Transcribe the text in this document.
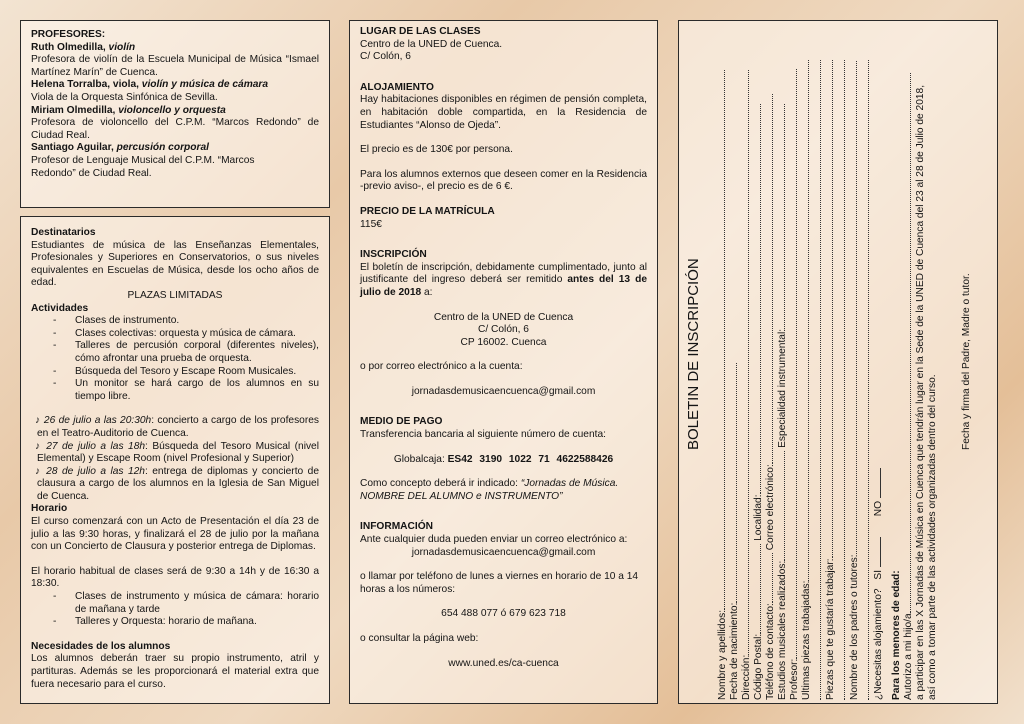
PROFESORES:

Ruth Olmedilla, violín

Profesora de violín de la Escuela Municipal de Música “Ismael Martínez Marín” de Cuenca.

Helena Torralba, viola, violín y música de cámara

Viola de la Orquesta Sinfónica de Sevilla.

Miriam Olmedilla, violoncello y orquesta

Profesora de violoncello del C.P.M. “Marcos Redondo” de Ciudad Real.

Santiago Aguilar, percusión corporal

Profesor de Lenguaje Musical del C.P.M. “Marcos Redondo” de Ciudad Real.

Destinatarios

Estudiantes de música de las Enseñanzas Elementales, Profesionales y Superiores en Conservatorios, o sus niveles equivalentes en Escuelas de Música, desde los ocho años de edad.

PLAZAS LIMITADAS

Actividades

- Clases de instrumento.
- Clases colectivas: orquesta y música de cámara.
- Talleres de percusión corporal (diferentes niveles), cómo afrontar una prueba de orquesta.
- Búsqueda del Tesoro y Escape Room Musicales.
- Un monitor se hará cargo de los alumnos en su tiempo libre.

♪ 26 de julio a las 20:30h: concierto a cargo de los profesores en el Teatro-Auditorio de Cuenca.

♪ 27 de julio a las 18h: Búsqueda del Tesoro Musical (nivel Elemental) y Escape Room (nivel Profesional y Superior)

♪ 28 de julio a las 12h: entrega de diplomas y concierto de clausura a cargo de los alumnos en la Iglesia de San Miguel de Cuenca.

Horario

El curso comenzará con un Acto de Presentación el día 23 de julio a las 9:30 horas, y finalizará el 28 de julio por la mañana con un Concierto de Clausura y posterior entrega de Diplomas.

El horario habitual de clases será de 9:30 a 14h y de 16:30 a 18:30.

- Clases de instrumento y música de cámara: horario de mañana y tarde
- Talleres y Orquesta: horario de mañana.

Necesidades de los alumnos

Los alumnos deberán traer su propio instrumento, atril y partituras. Además se les proporcionará el material extra que fuera necesario para el curso.

LUGAR DE LAS CLASES

Centro de la UNED de Cuenca.

C/ Colón, 6

ALOJAMIENTO

Hay habitaciones disponibles en régimen de pensión completa, en habitación doble compartida, en la Residencia de Estudiantes “Alonso de Ojeda”.

El precio es de 130€ por persona.

Para los alumnos externos que deseen comer en la Residencia -previo aviso-, el precio es de 6 €.

PRECIO DE LA MATRÍCULA

115€

INSCRIPCIÓN

El boletín de inscripción, debidamente cumplimentado, junto al justificante del ingreso deberá ser remitido antes del 13 de julio de 2018 a:

Centro de la UNED de Cuenca

C/ Colón, 6

CP 16002. Cuenca

o por correo electrónico a la cuenta:

jornadasdemusicaencuenca@gmail.com

MEDIO DE PAGO

Transferencia bancaria al siguiente número de cuenta:

Globalcaja: ES42 3190 1022 71 4622588426

Como concepto deberá ir indicado: “Jornadas de Música. NOMBRE DEL ALUMNO e INSTRUMENTO”

INFORMACIÓN

Ante cualquier duda pueden enviar un correo electrónico a:

jornadasdemusicaencuenca@gmail.com

o llamar por teléfono de lunes a viernes en horario de 10 a 14 horas a los números:

654 488 077 ó 679 623 718

o consultar la página web:

www.uned.es/ca-cuenca

BOLETIN DE INSCRIPCIÓN
Nombre y apellidos: Fecha de nacimiento: Dirección: Código Postal: Localidad:
Teléfono de contacto: Correo electrónico:
Estudios musicales realizados: Especialidad instrumental:
Profesor: Últimas piezas trabajadas: Piezas que te gustaría trabajar: Nombre de los padres o tutores: ¿Necesitas alojamiento? SÍ  NO
Para los menores de edad: Autorizo a mi hijo/a a participar en las X Jornadas de Música en Cuenca que tendrán lugar en la Sede de la UNED de Cuenca del 23 al 28 de Julio de 2018, así como a tomar parte de las actividades organizadas dentro del curso.
Fecha y firma del Padre, Madre o tutor.
